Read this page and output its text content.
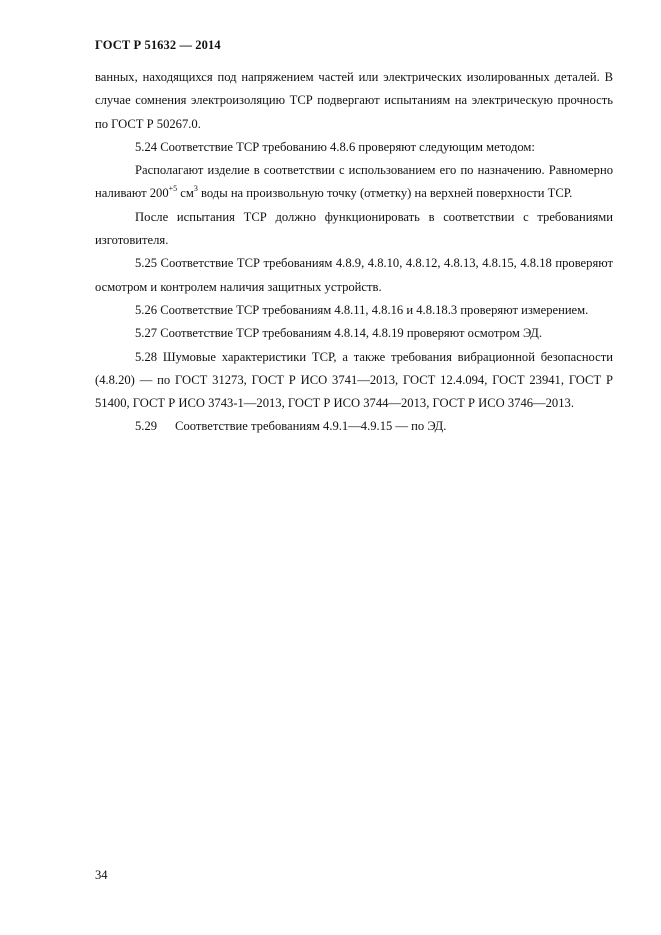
ГОСТ Р 51632 — 2014

ванных, находящихся под напряжением частей или электрических изолированных деталей. В случае сомнения электроизоляцию ТСР подвергают испытаниям на электрическую прочность по ГОСТ Р 50267.0.

5.24 Соответствие ТСР требованию 4.8.6 проверяют следующим методом:

Располагают изделие в соответствии с использованием его по назначению. Равномерно наливают $200^{+5}$ $см^3$ воды на произвольную точку (отметку) на верхней поверхности ТСР.

После испытания ТСР должно функционировать в соответствии с требованиями изготовителя.

5.25 Соответствие ТСР требованиям 4.8.9, 4.8.10, 4.8.12, 4.8.13, 4.8.15, 4.8.18 проверяют осмотром и контролем наличия защитных устройств.

5.26 Соответствие ТСР требованиям 4.8.11, 4.8.16 и 4.8.18.3 проверяют измерением.

5.27 Соответствие ТСР требованиям 4.8.14, 4.8.19 проверяют осмотром ЭД.

5.28 Шумовые характеристики ТСР, а также требования вибрационной безопасности (4.8.20) — по ГОСТ 31273, ГОСТ Р ИСО 3741—2013, ГОСТ 12.4.094, ГОСТ 23941, ГОСТ Р 51400, ГОСТ Р ИСО 3743-1—2013, ГОСТ Р ИСО 3744—2013, ГОСТ Р ИСО 3746—2013.

5.29 Соответствие требованиям 4.9.1—4.9.15 — по ЭД.

34
